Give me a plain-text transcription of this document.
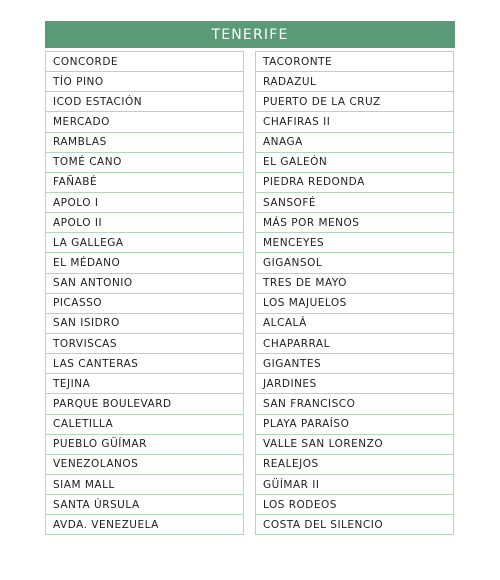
TENERIFE
CONCORDE
TÍO PINO
ICOD ESTACIÓN
MERCADO
RAMBLAS
TOMÉ CANO
FAÑABÉ
APOLO I
APOLO II
LA GALLEGA
EL MÉDANO
SAN ANTONIO
PICASSO
SAN ISIDRO
TORVISCAS
LAS CANTERAS
TEJINA
PARQUE BOULEVARD
CALETILLA
PUEBLO GÜÍMAR
VENEZOLANOS
SIAM MALL
SANTA ÚRSULA
AVDA. VENEZUELA
TACORONTE
RADAZUL
PUERTO DE LA CRUZ
CHAFIRAS II
ANAGA
EL GALEÓN
PIEDRA REDONDA
SANSOFÉ
MÁS POR MENOS
MENCEYES
GIGANSOL
TRES DE MAYO
LOS MAJUELOS
ALCALÁ
CHAPARRAL
GIGANTES
JARDINES
SAN FRANCISCO
PLAYA PARAÍSO
VALLE SAN LORENZO
REALEJOS
GÜÍMAR II
LOS RODEOS
COSTA DEL SILENCIO
